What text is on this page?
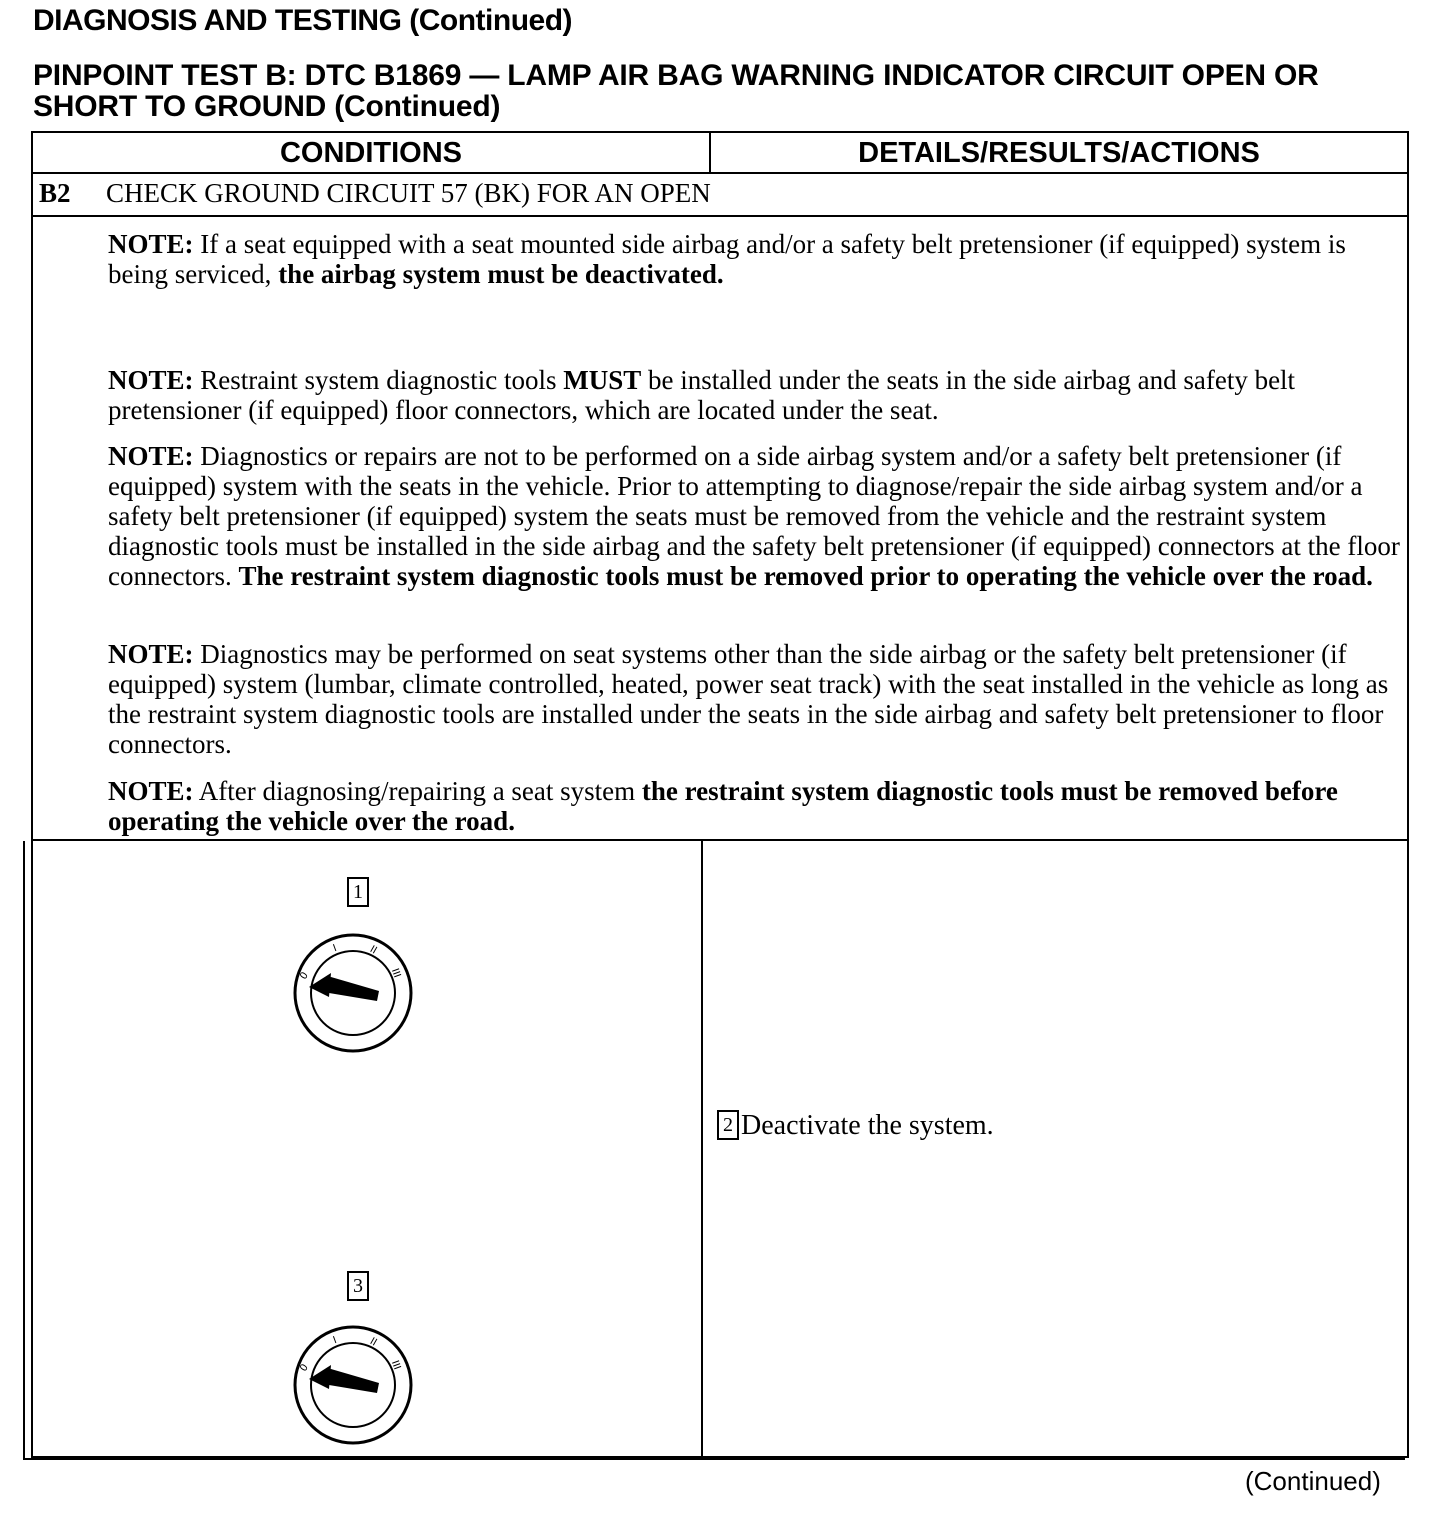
DIAGNOSIS AND TESTING (Continued)
PINPOINT TEST B: DTC B1869 — LAMP AIR BAG WARNING INDICATOR CIRCUIT OPEN OR
SHORT TO GROUND (Continued)
CONDITIONS	DETAILS/RESULTS/ACTIONS
B2 CHECK GROUND CIRCUIT 57 (BK) FOR AN OPEN
NOTE: If a seat equipped with a seat mounted side airbag and/or a safety belt pretensioner (if equipped) system is being serviced, the airbag system must be deactivated.
NOTE: Restraint system diagnostic tools MUST be installed under the seats in the side airbag and safety belt pretensioner (if equipped) floor connectors, which are located under the seat.
NOTE: Diagnostics or repairs are not to be performed on a side airbag system and/or a safety belt pretensioner (if equipped) system with the seats in the vehicle. Prior to attempting to diagnose/repair the side airbag system and/or a safety belt pretensioner (if equipped) system the seats must be removed from the vehicle and the restraint system diagnostic tools must be installed in the side airbag and the safety belt pretensioner (if equipped) connectors at the floor connectors. The restraint system diagnostic tools must be removed prior to operating the vehicle over the road.
NOTE: Diagnostics may be performed on seat systems other than the side airbag or the safety belt pretensioner (if equipped) system (lumbar, climate controlled, heated, power seat track) with the seat installed in the vehicle as long as the restraint system diagnostic tools are installed under the seats in the side airbag and safety belt pretensioner to floor connectors.
NOTE: After diagnosing/repairing a seat system the restraint system diagnostic tools must be removed before operating the vehicle over the road.
1
0
I	II
III
3
0
I	II
III
2 Deactivate the system.
(Continued)
